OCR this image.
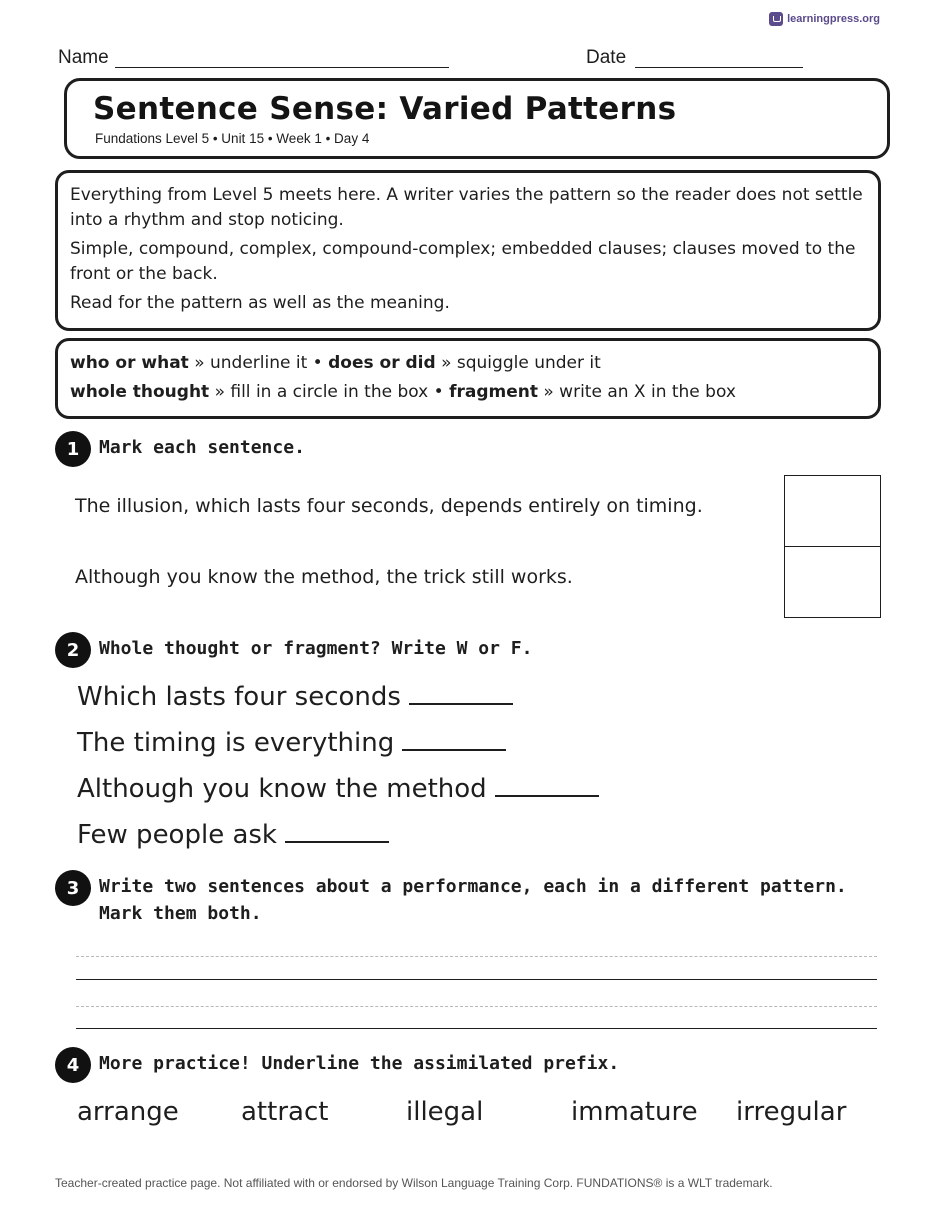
learningpress.org
Name	Date
Sentence Sense: Varied Patterns
Fundations Level 5 • Unit 15 • Week 1 • Day 4

Everything from Level 5 meets here. A writer varies the pattern so the reader does not settle into a rhythm and stop noticing.

Simple, compound, complex, compound-complex; embedded clauses; clauses moved to the front or the back.

Read for the pattern as well as the meaning.

who or what » underline it • does or did » squiggle under it
whole thought » fill in a circle in the box • fragment » write an X in the box
1	Mark each sentence.
The illusion, which lasts four seconds, depends entirely on timing.
Although you know the method, the trick still works.
2	Whole thought or fragment? Write W or F.
Which lasts four seconds
The timing is everything
Although you know the method
Few people ask
3	Write two sentences about a performance, each in a different pattern.
Mark them both.
4	More practice! Underline the assimilated prefix.
arrange attract	illegal	immature irregular
Teacher-created practice page. Not affiliated with or endorsed by Wilson Language Training Corp. FUNDATIONS® is a WLT trademark.
